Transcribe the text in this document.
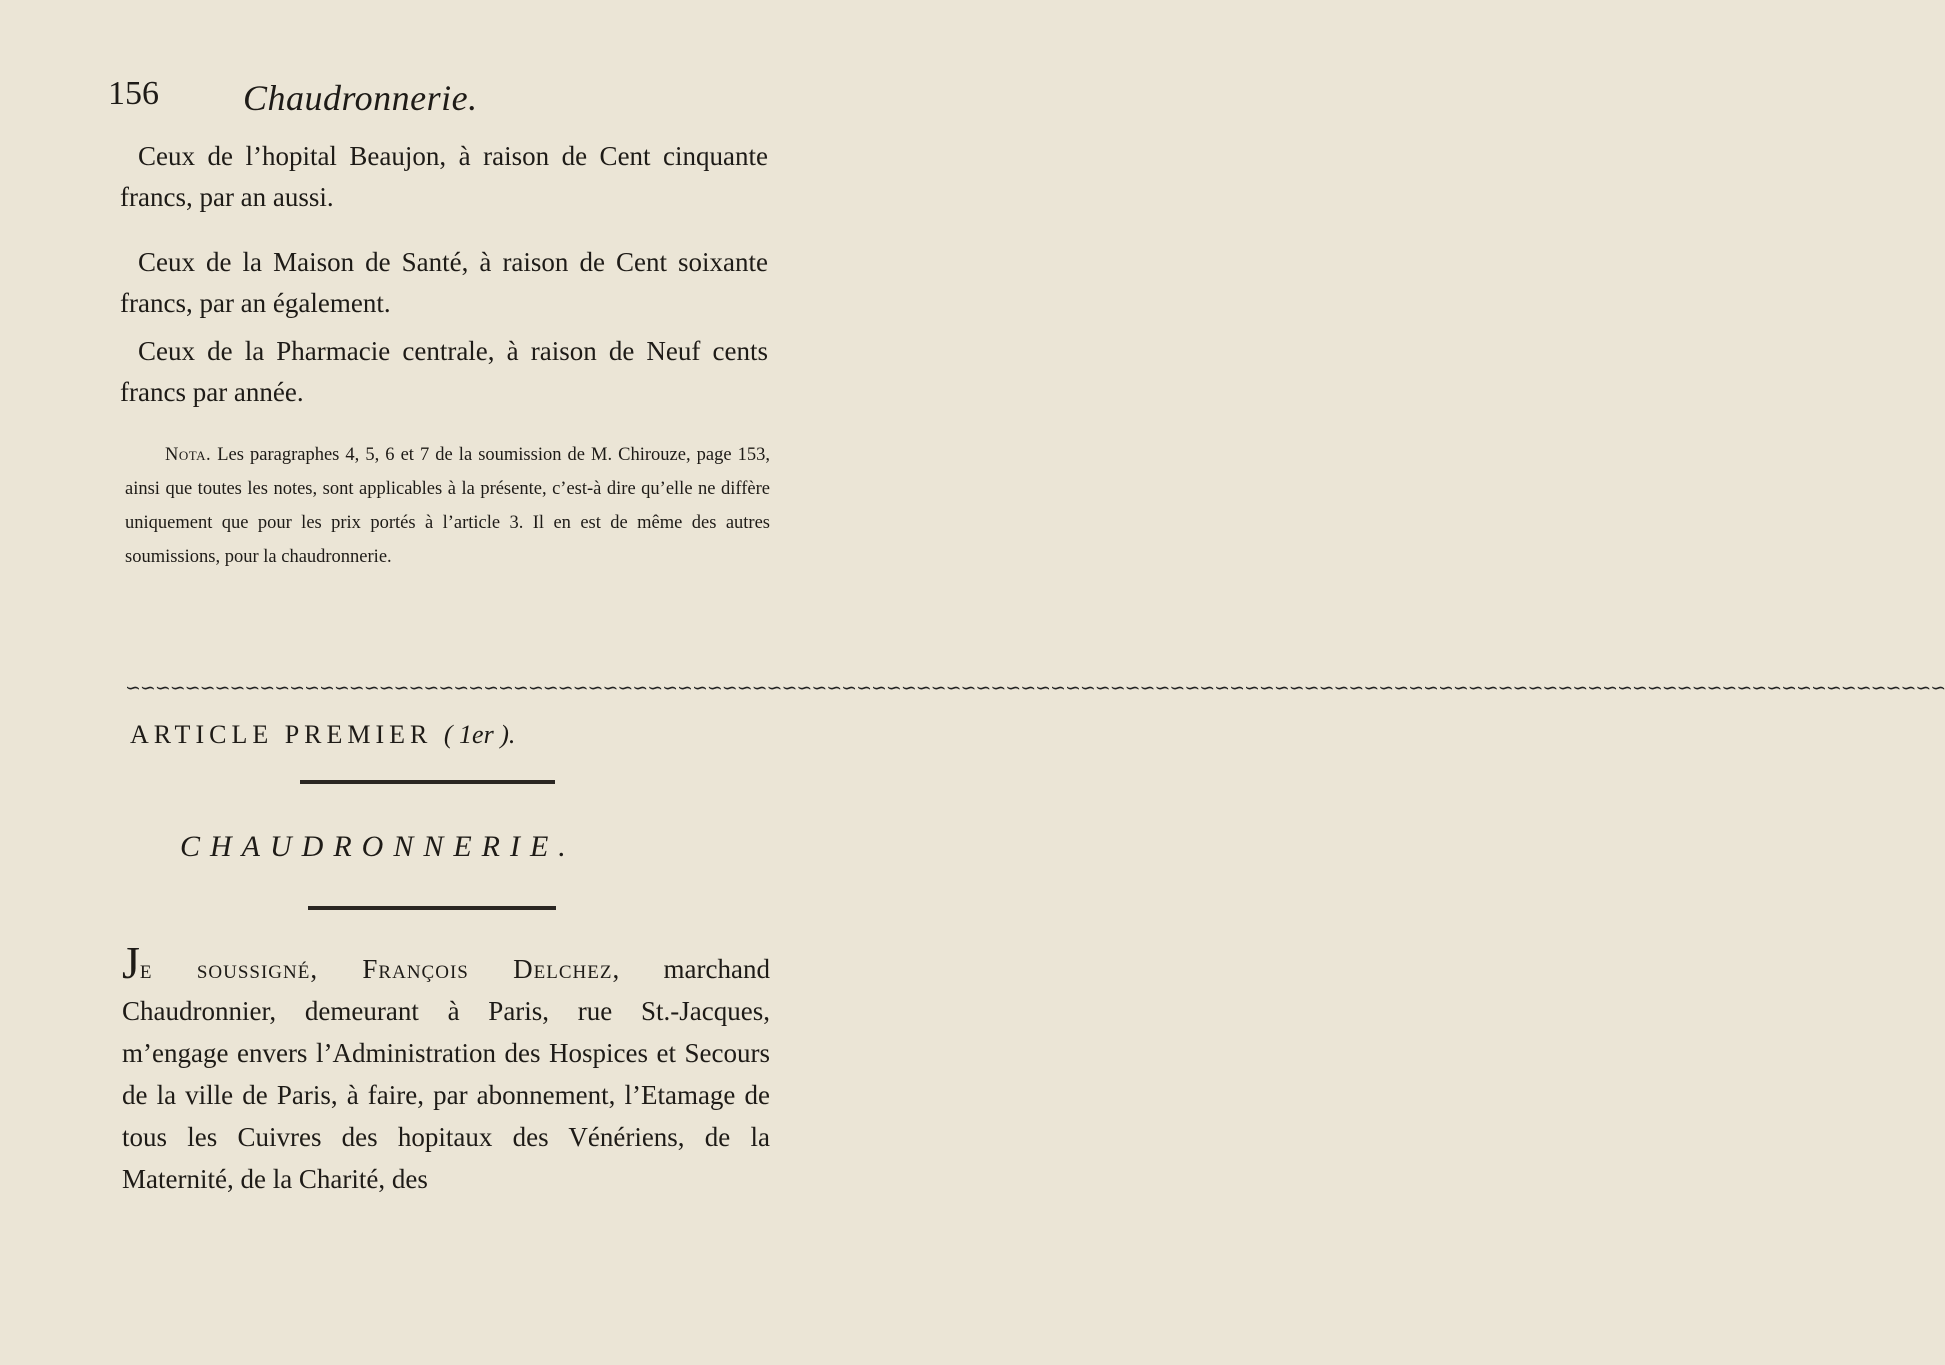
156 Chaudronnerie.

Ceux de l’hopital Beaujon, à raison de Cent cinquante francs, par an aussi.

Ceux de la Maison de Santé, à raison de Cent soixante francs, par an également.

Ceux de la Pharmacie centrale, à raison de Neuf cents francs par année.

Nota. Les paragraphes 4, 5, 6 et 7 de la soumission de M. Chirouze, page 153, ainsi que toutes les notes, sont applicables à la présente, c’est-à dire qu’elle ne diffère uniquement que pour les prix portés à l’article 3. Il en est de même des autres soumissions, pour la chaudronnerie.

∽∽∽∽∽∽∽∽∽∽∽∽∽∽∽∽∽∽∽∽∽∽∽∽∽∽∽∽∽∽∽∽∽∽∽∽∽∽∽∽∽∽∽∽∽∽∽∽∽∽∽∽∽∽∽∽∽∽∽∽∽∽∽∽∽∽∽∽∽∽∽∽∽∽∽∽∽∽∽∽∽∽∽∽∽∽∽∽∽∽∽∽∽∽∽∽∽∽∽∽∽∽∽∽∽∽∽∽∽∽∽∽∽∽∽∽∽∽∽∽∽∽
ARTICLE PREMIER ( 1er ).
CHAUDRONNERIE.

Je soussigné, François Delchez, marchand Chaudronnier, demeurant à Paris, rue St.-Jacques, m’engage envers l’Administration des Hospices et Secours de la ville de Paris, à faire, par abonnement, l’Etamage de tous les Cuivres des hopitaux des Vénériens, de la Maternité, de la Charité, des
